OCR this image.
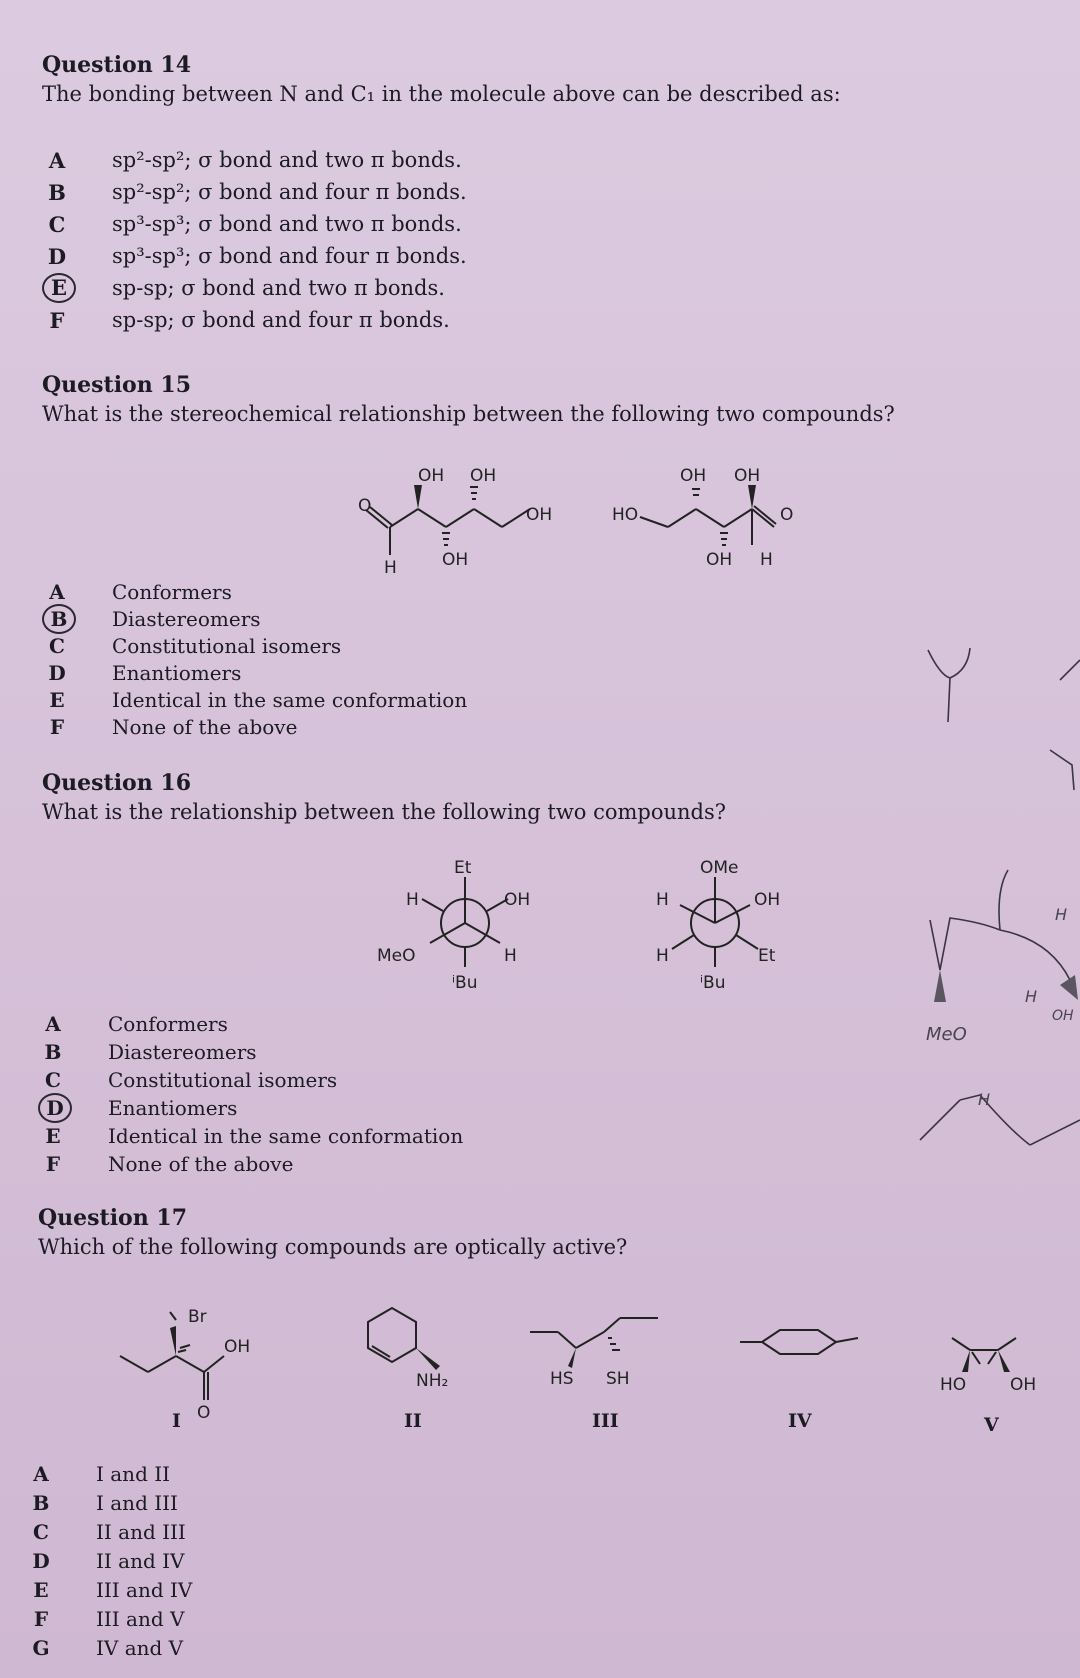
Question 14

The bonding between N and C₁ in the molecule above can be described as:

A	sp²-sp²; σ bond and two π bonds.
B sp²-sp²; σ bond and four π bonds.
C	sp³-sp³; σ bond and two π bonds.
D sp³-sp³; σ bond and four π bonds.
E	sp-sp; σ bond and two π bonds.
F	sp-sp; σ bond and four π bonds.

Question 15

What is the stereochemical relationship between the following two compounds?

O
H
OH OH
OH
OH	HO
OH OH
OH H
O
A	Conformers
B	Diastereomers
C	Constitutional isomers
D	Enantiomers
E	Identical in the same conformation
F	None of the above

Question 16

What is the relationship between the following two compounds?

Et
H	OH
MeO	H
ⁱBu
OMe
H	OH
H	Et
ⁱBu
A	Conformers
B	Diastereomers
C	Constitutional isomers
D	Enantiomers
E	Identical in the same conformation
F	None of the above
MeO
H
H
OH
H

Question 17

Which of the following compounds are optically active?

Br
OH
O
NH₂	HS SH	HO	OH
I	II	III	IV	V
A	I and II
B	I and III
C	II and III
D	II and IV
E	III and IV
F	III and V
G	IV and V
